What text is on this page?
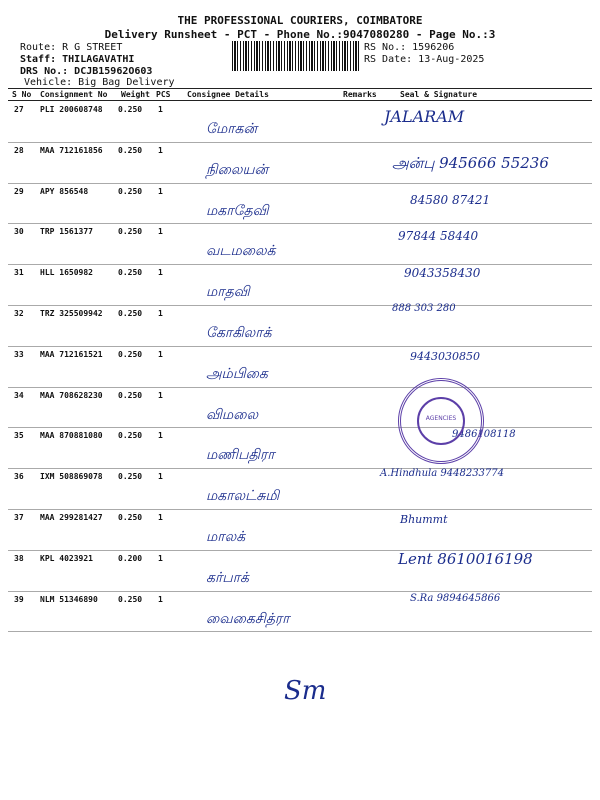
THE PROFESSIONAL COURIERS, COIMBATORE
Delivery Runsheet - PCT - Phone No.:9047080280 - Page No.:3
Route: R G STREET
Staff: THILAGAVATHI
DRS No.: DCJB15962O603
Vehicle: Big Bag Delivery
RS No.: 1596206
RS Date: 13-Aug-2025
S No Consignment No Weight PCS Consignee Details	Remarks	Seal & Signature
27 PLI 200608748 0.250 1
மோகன்
JALARAM
28 MAA 712161856 0.250 1
நிலையன்	அன்பு 945666 55236
29 APY 856548	0.250 1
மகாதேவி
84580 87421
30 TRP 1561377	0.250 1
வடமலைக்
97844 58440
31 HLL 1650982	0.250 1
மாதவி
9043358430
32 TRZ 325509942 0.250 1
கோகிலாக்
888 303 280
33 MAA 712161521 0.250 1
அம்பிகை
9443030850
34 MAA 708628230 0.250 1
விமலை
35 MAA 870881080 0.250 1
மணிபதிரா
9486108118
36 IXM 508869078 0.250 1
மகாலட்சுமி
A.Hindhula 9448233774
37 MAA 299281427 0.250 1
மாலக்
Bhummt
38 KPL 4023921	0.200 1
கர்பாக்
Lent 8610016198
39 NLM 51346890	0.250 1
வைகைசித்ரா
S.Ra 9894645866
AGENCIES
Sm
